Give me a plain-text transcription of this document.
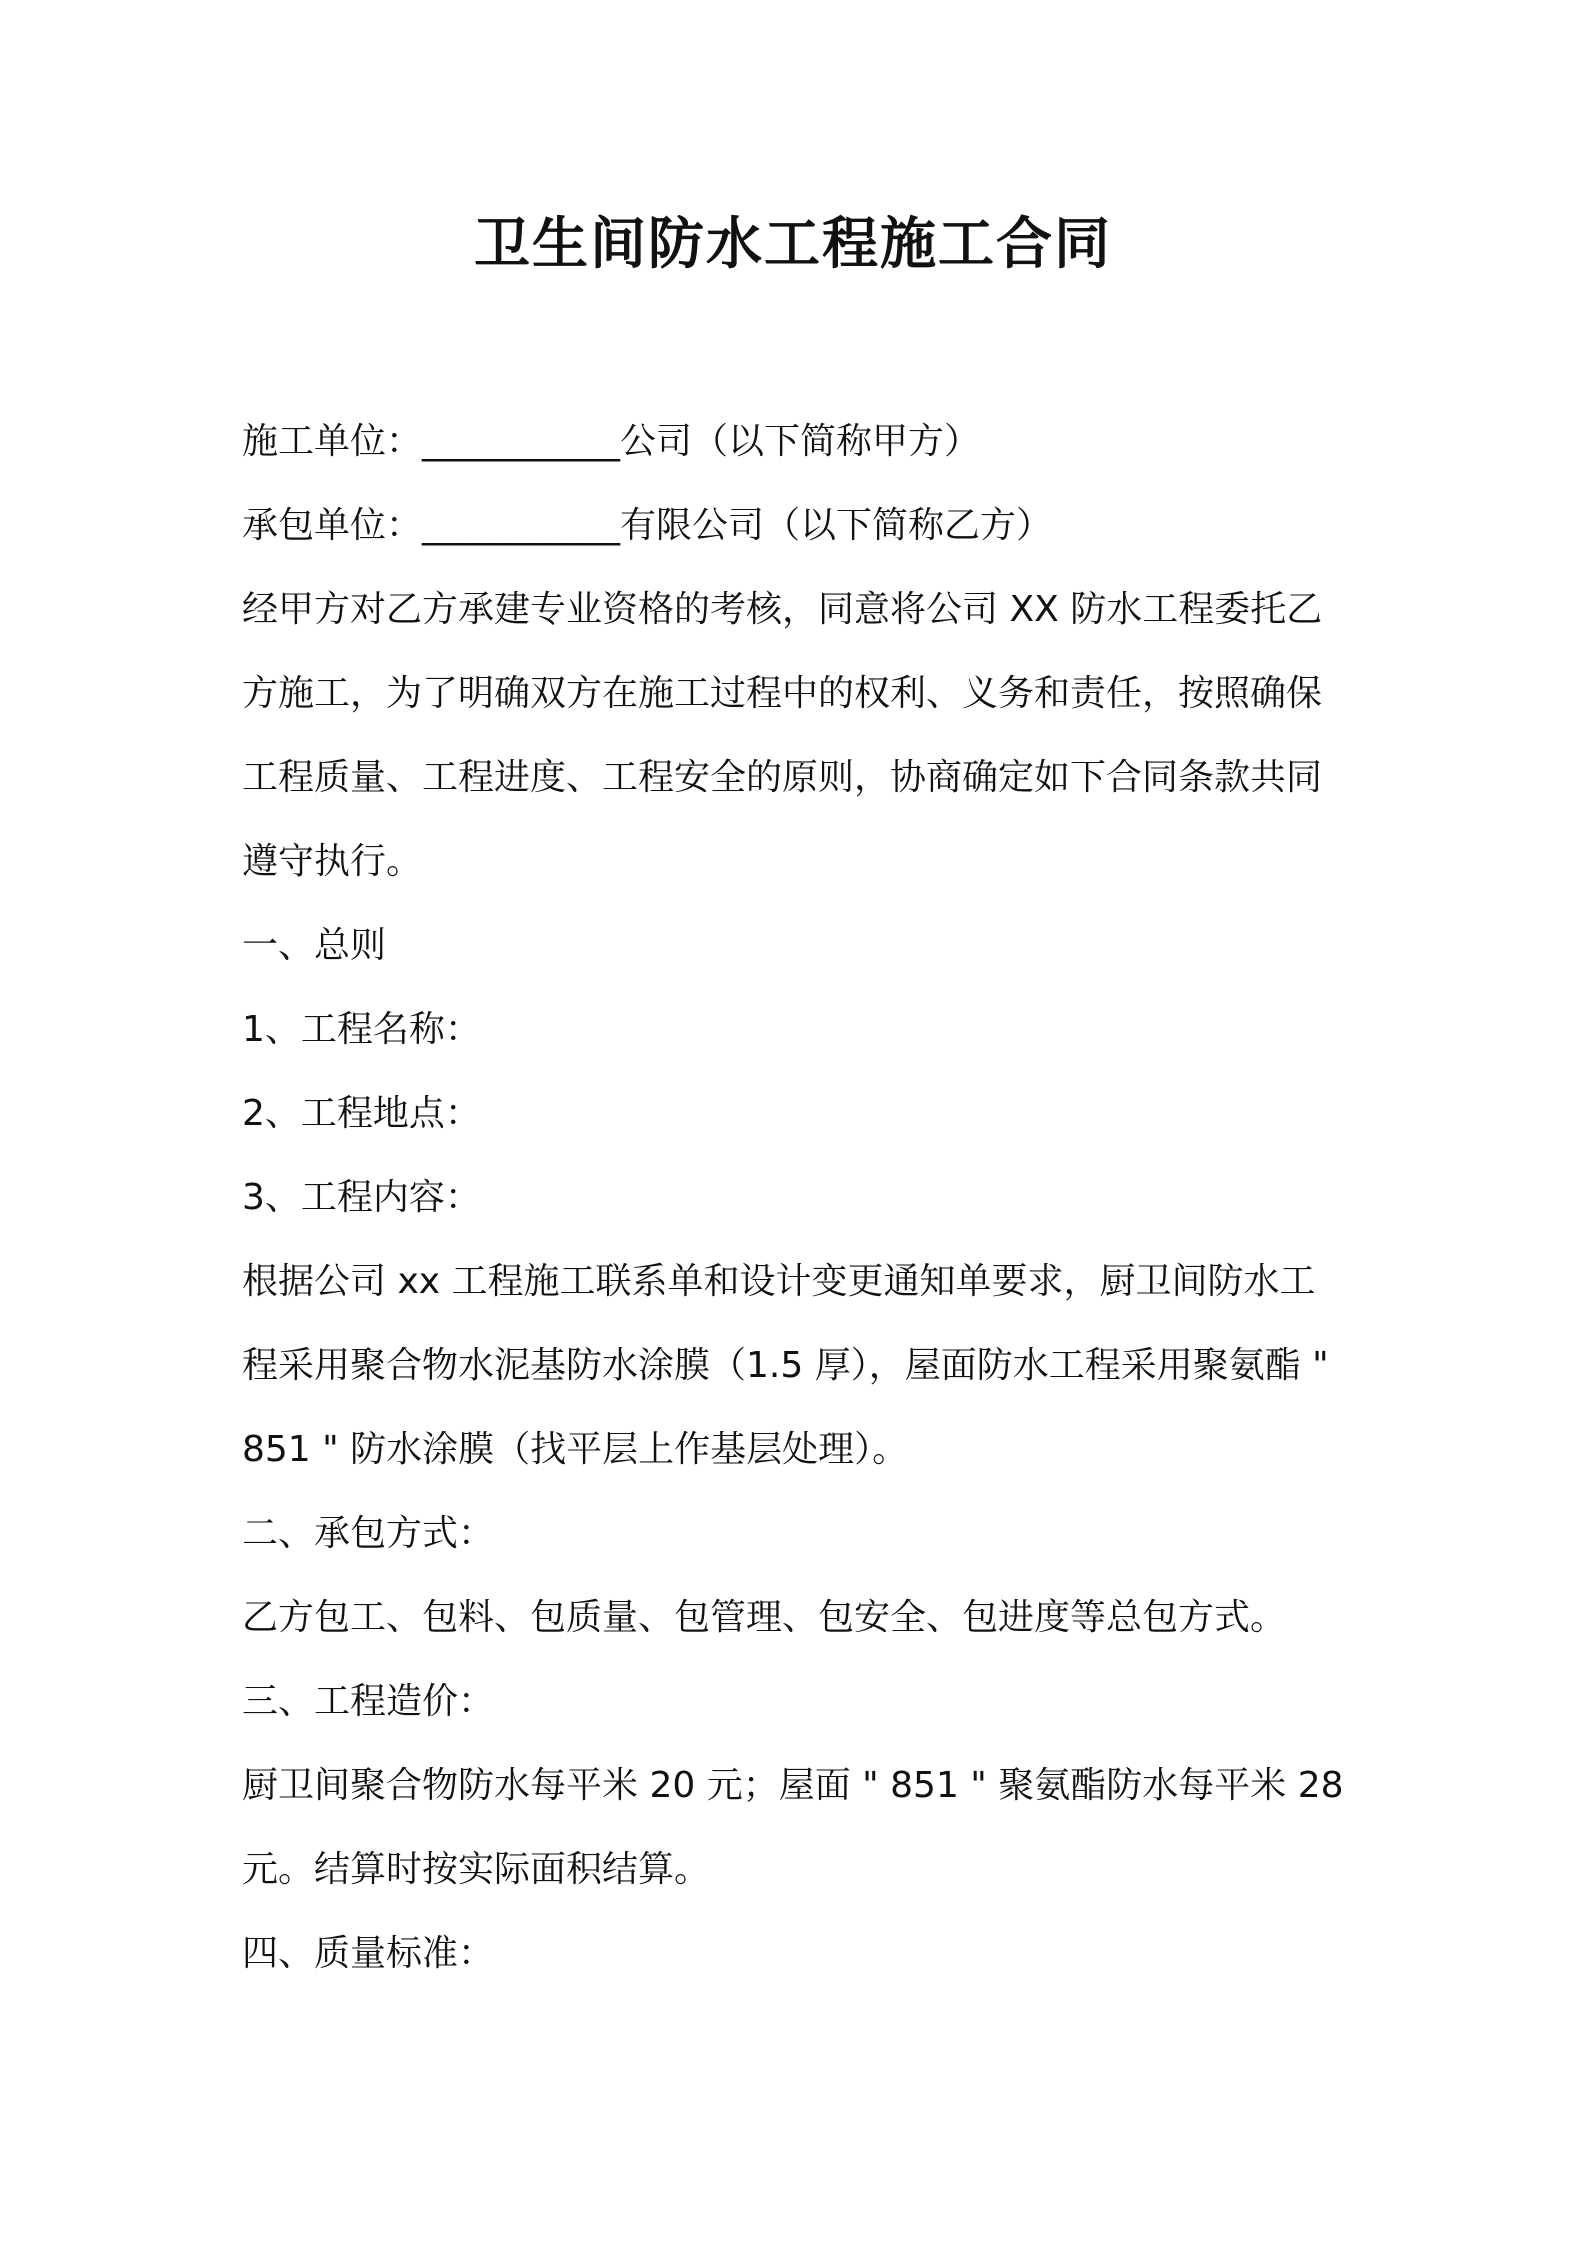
卫生间防水工程施工合同
施工单位：___________公司（以下简称甲方）
承包单位：___________有限公司（以下简称乙方）
经甲方对乙方承建专业资格的考核，同意将公司 XX 防水工程委托乙
方施工，为了明确双方在施工过程中的权利、义务和责任，按照确保
工程质量、工程进度、工程安全的原则，协商确定如下合同条款共同
遵守执行。
一、总则
1、工程名称：
2、工程地点：
3、工程内容：
根据公司 xx 工程施工联系单和设计变更通知单要求，厨卫间防水工
程采用聚合物水泥基防水涂膜（1.5 厚），屋面防水工程采用聚氨酯 "
851 " 防水涂膜（找平层上作基层处理）。
二、承包方式：
乙方包工、包料、包质量、包管理、包安全、包进度等总包方式。
三、工程造价：
厨卫间聚合物防水每平米 20 元；屋面 " 851 " 聚氨酯防水每平米 28
元。结算时按实际面积结算。
四、质量标准：
